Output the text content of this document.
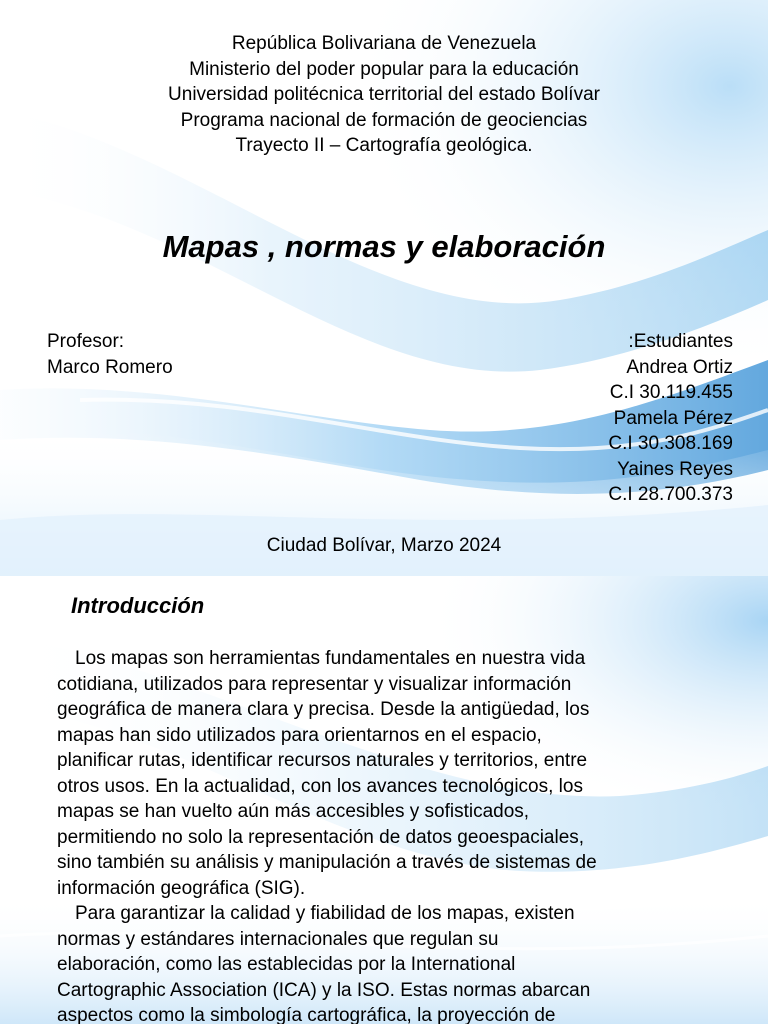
República Bolivariana de Venezuela
Ministerio del poder popular para la educación
Universidad politécnica territorial del estado Bolívar
Programa nacional de formación de geociencias
Trayecto II – Cartografía geológica.
Mapas , normas y elaboración
Profesor:
Marco Romero
:Estudiantes
Andrea Ortiz
C.I 30.119.455
Pamela Pérez
C.I 30.308.169
Yaines Reyes
C.I 28.700.373
Ciudad Bolívar, Marzo 2024
Introducción

Los mapas son herramientas fundamentales en nuestra vida
cotidiana, utilizados para representar y visualizar información
geográfica de manera clara y precisa. Desde la antigüedad, los
mapas han sido utilizados para orientarnos en el espacio,
planificar rutas, identificar recursos naturales y territorios, entre
otros usos. En la actualidad, con los avances tecnológicos, los
mapas se han vuelto aún más accesibles y sofisticados,
permitiendo no solo la representación de datos geoespaciales,
sino también su análisis y manipulación a través de sistemas de
información geográfica (SIG).

Para garantizar la calidad y fiabilidad de los mapas, existen
normas y estándares internacionales que regulan su
elaboración, como las establecidas por la International
Cartographic Association (ICA) y la ISO. Estas normas abarcan
aspectos como la simbología cartográfica, la proyección de
